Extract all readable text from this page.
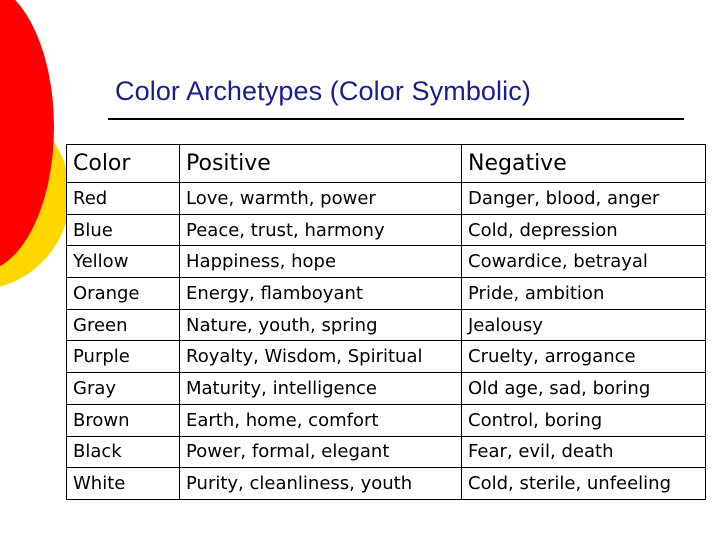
Color Archetypes (Color Symbolic)
Color	Positive	Negative
Red	Love, warmth, power	Danger, blood, anger
Blue	Peace, trust, harmony	Cold, depression
Yellow	Happiness, hope	Cowardice, betrayal
Orange	Energy, flamboyant	Pride, ambition
Green	Nature, youth, spring	Jealousy
Purple	Royalty, Wisdom, Spiritual	Cruelty, arrogance
Gray	Maturity, intelligence	Old age, sad, boring
Brown	Earth, home, comfort	Control, boring
Black	Power, formal, elegant	Fear, evil, death
White	Purity, cleanliness, youth	Cold, sterile, unfeeling
